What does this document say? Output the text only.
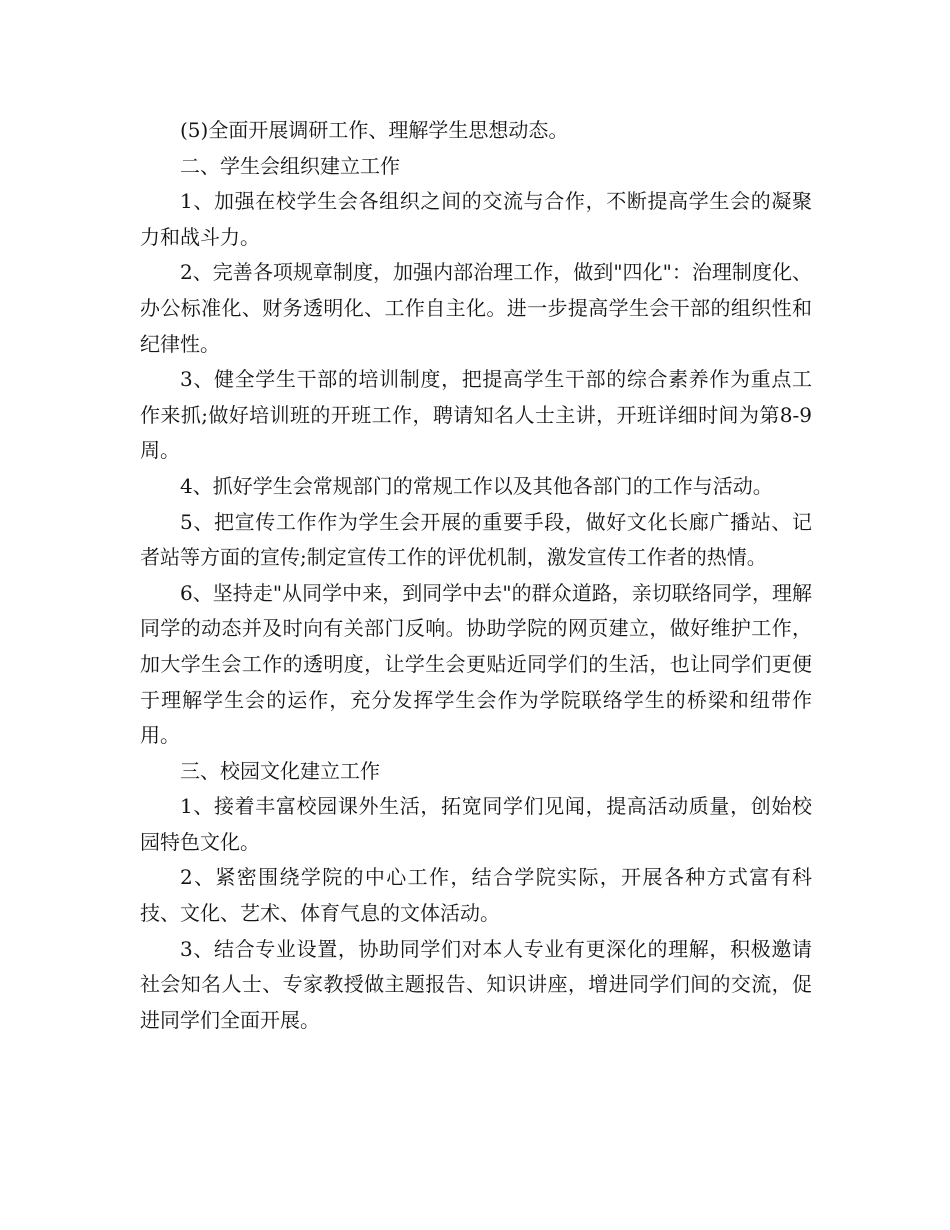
(5)全面开展调研工作、理解学生思想动态。

二、学生会组织建立工作

1、加强在校学生会各组织之间的交流与合作，不断提高学生会的凝聚力和战斗力。

2、完善各项规章制度，加强内部治理工作，做到"四化"：治理制度化、办公标准化、财务透明化、工作自主化。进一步提高学生会干部的组织性和纪律性。

3、健全学生干部的培训制度，把提高学生干部的综合素养作为重点工作来抓;做好培训班的开班工作，聘请知名人士主讲，开班详细时间为第8-9周。

4、抓好学生会常规部门的常规工作以及其他各部门的工作与活动。

5、把宣传工作作为学生会开展的重要手段，做好文化长廊广播站、记者站等方面的宣传;制定宣传工作的评优机制，激发宣传工作者的热情。

6、坚持走"从同学中来，到同学中去"的群众道路，亲切联络同学，理解同学的动态并及时向有关部门反响。协助学院的网页建立，做好维护工作，加大学生会工作的透明度，让学生会更贴近同学们的生活，也让同学们更便于理解学生会的运作，充分发挥学生会作为学院联络学生的桥梁和纽带作用。

三、校园文化建立工作

1、接着丰富校园课外生活，拓宽同学们见闻，提高活动质量，创始校园特色文化。

2、紧密围绕学院的中心工作，结合学院实际，开展各种方式富有科技、文化、艺术、体育气息的文体活动。

3、结合专业设置，协助同学们对本人专业有更深化的理解，积极邀请社会知名人士、专家教授做主题报告、知识讲座，增进同学们间的交流，促进同学们全面开展。
